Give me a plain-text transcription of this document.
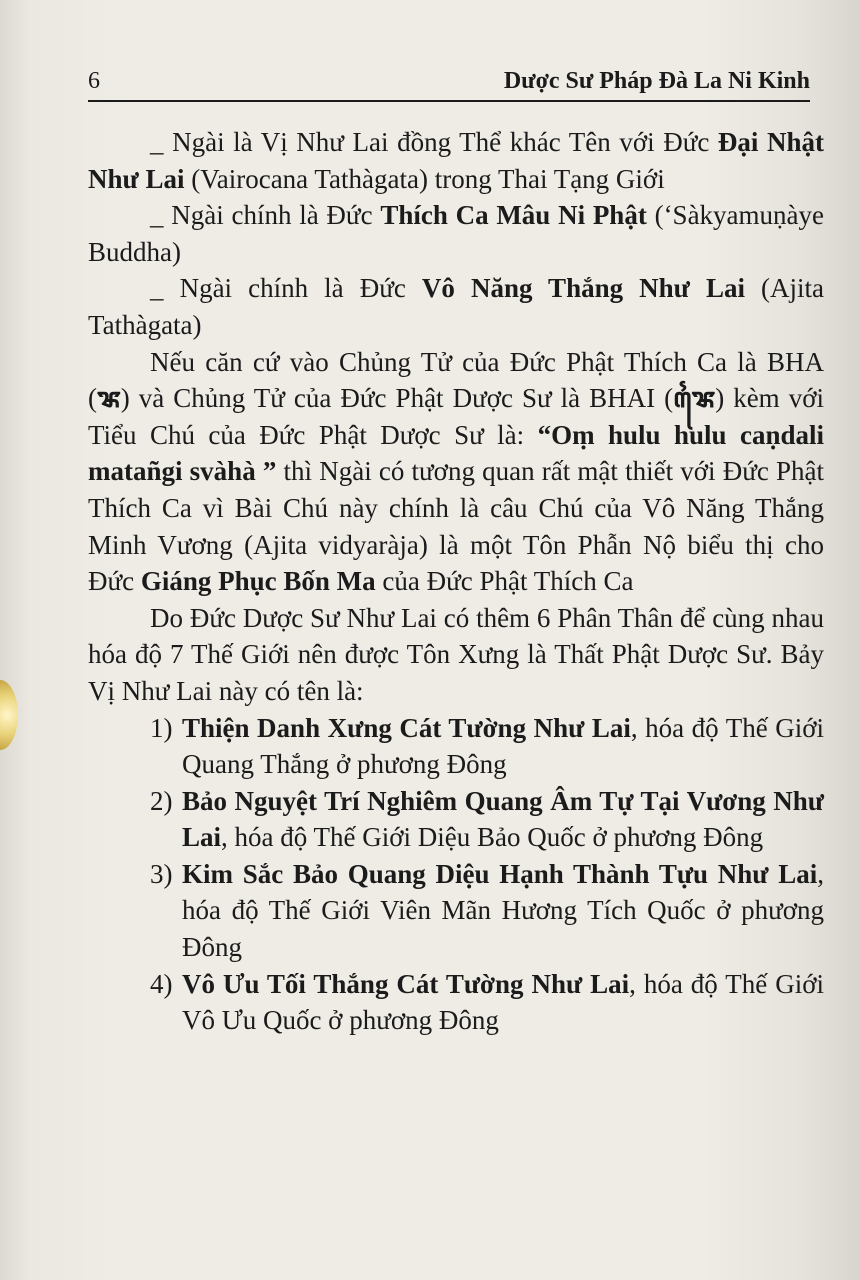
6	Dược Sư Pháp Đà La Ni Kinh

_ Ngài là Vị Như Lai đồng Thể khác Tên với Đức Đại Nhật Như Lai (Vairocana Tathàgata) trong Thai Tạng Giới

_ Ngài chính là Đức Thích Ca Mâu Ni Phật (‘Sàkyamuṇàye Buddha)

_ Ngài chính là Đức Vô Năng Thắng Như Lai (Ajita Tathàgata)

Nếu căn cứ vào Chủng Tử của Đức Phật Thích Ca là BHA (ꦨ) và Chủng Tử của Đức Phật Dược Sư là BHAI (ꦨꦻ) kèm với Tiểu Chú của Đức Phật Dược Sư là: “Oṃ hulu hulu caṇdali matañgi svàhà ” thì Ngài có tương quan rất mật thiết với Đức Phật Thích Ca vì Bài Chú này chính là câu Chú của Vô Năng Thắng Minh Vương (Ajita vidyaràja) là một Tôn Phẫn Nộ biểu thị cho Đức Giáng Phục Bốn Ma của Đức Phật Thích Ca

Do Đức Dược Sư Như Lai có thêm 6 Phân Thân để cùng nhau hóa độ 7 Thế Giới nên được Tôn Xưng là Thất Phật Dược Sư. Bảy Vị Như Lai này có tên là:

1) Thiện Danh Xưng Cát Tường Như Lai, hóa độ Thế Giới Quang Thắng ở phương Đông
2) Bảo Nguyệt Trí Nghiêm Quang Âm Tự Tại Vương Như Lai, hóa độ Thế Giới Diệu Bảo Quốc ở phương Đông
3) Kim Sắc Bảo Quang Diệu Hạnh Thành Tựu Như Lai, hóa độ Thế Giới Viên Mãn Hương Tích Quốc ở phương Đông
4) Vô Ưu Tối Thắng Cát Tường Như Lai, hóa độ Thế Giới Vô Ưu Quốc ở phương Đông
